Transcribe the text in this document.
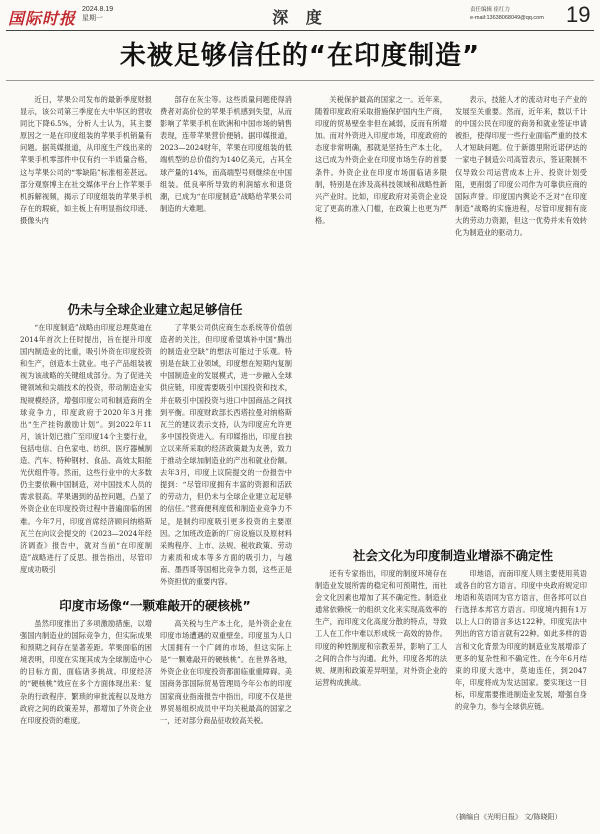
国际时报 2024.8.19
星期一	深 度	责任编辑 崔红力
e-mail:13638068049@qq.com 19
未被足够信任的“在印度制造”

近日，苹果公司发布的最新季度财报显示，该公司第三季度在大中华区的营收同比下降6.5%，分析人士认为，其主要原因之一是在印度组装的苹果手机销量有问题。据英媒报道，从印度生产线出来的苹果手机零部件中仅有约一半质量合格，这与苹果公司的“零缺陷”标准相差甚远。部分观察博主在社交媒体平台上作苹果手机拆解视频，揭示了印度组装的苹果手机存在的瑕疵，如主板上有明显指纹印迹、摄像头内

部存在灰尘等。这些质量问题使得消费者对高价位的苹果手机感到失望，从而影响了苹果手机在欧洲和中国市场的销售表现，连带苹果营价便销。据印媒报道，2023—2024财年，苹果在印度组装的低端机型的总价值约为140亿美元，占其全球产量的14%，而高端型号则继续在中国组装。低良率所导致的利润缩水和退货潮，已成为“在印度制造”战略给苹果公司制造的大难题。

关税保护最高的国家之一。近年来，随着印度政府采取措施保护国内生产商，印度的贸易壁垒非但在减弱，反而有所增加。而对外资进入印度市场，印度政府的态度非常明确，那就是坚持生产本土化，这已成为外资企业在印度市场生存的首要条件。外资企业在印度市场面临诸多限制，特别是在涉及高科技领域和战略性新兴产业时。比如，印度政府对美资企业设定了更高的准入门槛，在政策上也更为严格。

表示，技能人才的流动对电子产业的发展至关重要。然而，近年来，数以千计的中国公民在印度的商务和就业签证申请被拒，使得印度一些行业面临严重的技术人才短缺问题。位于新德里附近诺伊达的一家电子制造公司高管表示，签证限制不仅导致公司运营成本上升、投资计划受阻，更削弱了印度公司作为可靠供应商的国际声誉。印度国内舆论不乏对“在印度制造”战略的实施进程，尽管印度拥有庞大的劳动力资源，但这一优势并未有效转化为制造业的驱动力。

仍未与全球企业建立起足够信任

“在印度制造”战略由印度总理莫迪在2014年首次上任时提出，旨在提升印度国内制造业的比重，吸引外资在印度投资和生产，创造本土就业。电子产品组装被视为该战略的关键组成部分。为了促进关键领域和尖端技术的投资，带动制造业实现规模经济，增强印度公司和制造商的全球竞争力，印度政府于2020年3月推出“生产挂钩激励计划”。到2022年11月，该计划已推广至印度14个主要行业，包括电信、白色家电、纺织、医疗器械制造、汽车、特种钢材、食品、高效太阳能光伏组件等。然而，这些行业中的大多数仍主要依赖中国制造，对中国技术人员的需求很高。苹果遇到的品控问题，凸显了外资企业在印度投资过程中普遍面临的困难。今年7月，印度首席经济顾问纳格斯瓦兰在向议会提交的《2023—2024年经济调查》报告中，就对当前“在印度制造”战略进行了反思。报告指出，尽管印度成功吸引

了苹果公司供应商生态系统等价值创造者的关注，但印度希望填补中国“腾出的制造业空缺”的想法可能过于乐观。特别是在缺工业领域，印度想在短期内复制中国制造业的发展模式，进一步融入全球供应链，印度需要吸引中国投资和技术，并在吸引中国投资与进口中国商品之间找到平衡。印度财政部长西塔拉曼对纳格斯瓦兰的建议表示支持，认为印度应允许更多中国投资进入。有印媒指出，印度自独立以来所采取的经济政策最为友善，致力于推动全球加制造业的产出和就业份额。去年3月，印度上议院提交的一份报告中提到：“尽管印度拥有丰富的资源和活跃的劳动力，但仍未与全球企业建立起足够的信任。”营商便利度低和制造业竞争力不足，是制约印度吸引更多投资的主要原因。之加班改造新的厂房设施以及原材料采购程序、上市、法规、税收政策、劳动力素质和成本等多方面的吸引力，与越南、墨西哥等国相比竞争力弱，这些正是外资担忧的重要内容。

印度市场像“一颗难敲开的硬核桃”

虽然印度推出了多项激励措施，以增强国内制造业的国际竞争力，但实际成果和预期之间存在显著差距。苹果面临的困境表明，印度在实现其成为全球制造中心的目标方面，面临诸多挑战。印度经济的“硬核桃”效应在多个方面体现出来：复杂的行政程序、繁琐的审批流程以及地方政府之间的政策差异，都增加了外资企业在印度投资的难度。

高关税与生产本土化，是外资企业在印度市场遭遇的双重壁垒。印度虽为人口大国拥有一个广阔的市场，但这实际上是“一颗难敲开的硬核桃”。在世界各地，外资企业在印度投资都面临重重障碍。美国商务部国际贸易管理局今年公布的印度国家商业指南报告中指出，印度不仅是世界贸易组织成员中平均关税最高的国家之一，还对部分商品征收较高关税。

社会文化为印度制造业增添不确定性

还有专家指出，印度的制度环境存在制造业发展所需的稳定和可预期性，而社会文化因素也增加了其不确定性。制造业通常依赖统一的组织文化来实现高效率的生产，而印度文化高度分散的特点，导致工人在工作中难以形成统一高效的协作。印度的种姓制度和宗教差异，影响了工人之间的合作与沟通。此外，印度各邦的法规、规则和政策差异明显，对外资企业的运营构成挑战。

印地语，而南印度人则主要使用英语或各自的官方语言。印度中央政府规定印地语和英语同为官方语言，但各邦可以自行选择本邦官方语言。印度境内拥有1万以上人口的语言多达122种，印度宪法中列出的官方语言就有22种。如此多样的语言和文化背景为印度的制造业发展增添了更多的复杂性和不确定性。在今年6月结束的印度大选中，莫迪连任，到2047年，印度将成为发达国家。要实现这一目标，印度需要推进制造业发展，增强自身的竞争力，参与全球供应链。

（摘编自《光明日报》 文/陈晓阳）
